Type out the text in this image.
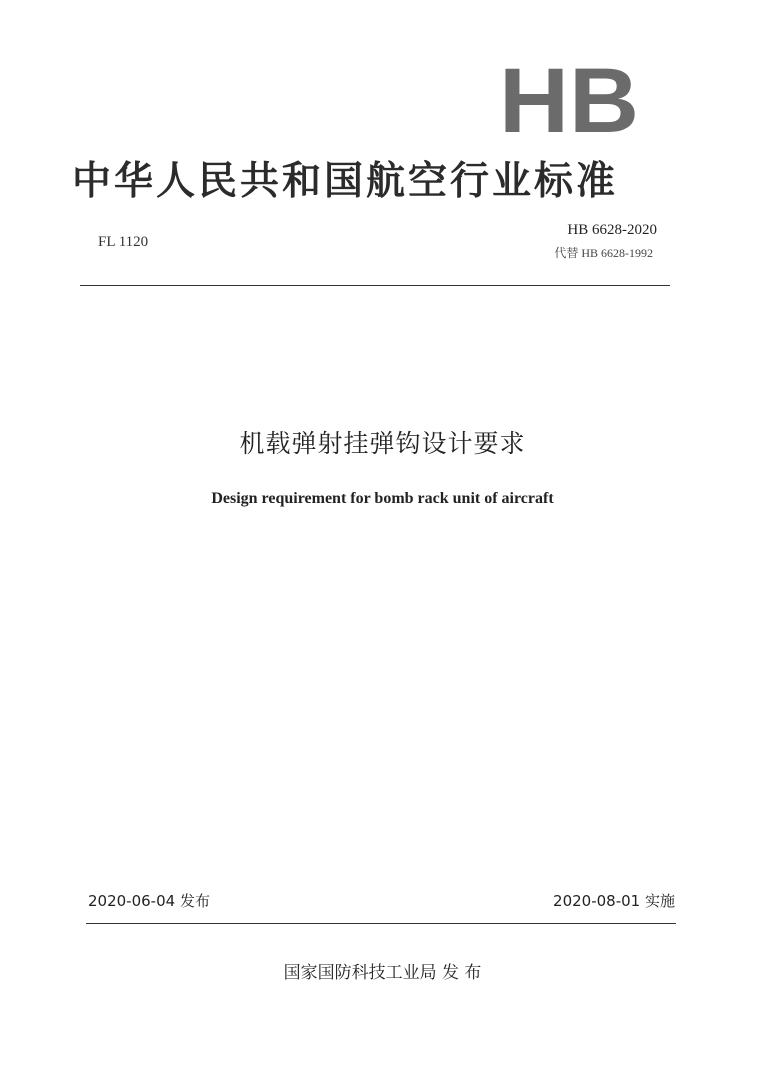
HB
中华人民共和国航空行业标准
FL 1120
HB 6628-2020
代替 HB 6628-1992
机载弹射挂弹钩设计要求
Design requirement for bomb rack unit of aircraft
2020-06-04 发布	2020-08-01 实施
国家国防科技工业局 发 布
